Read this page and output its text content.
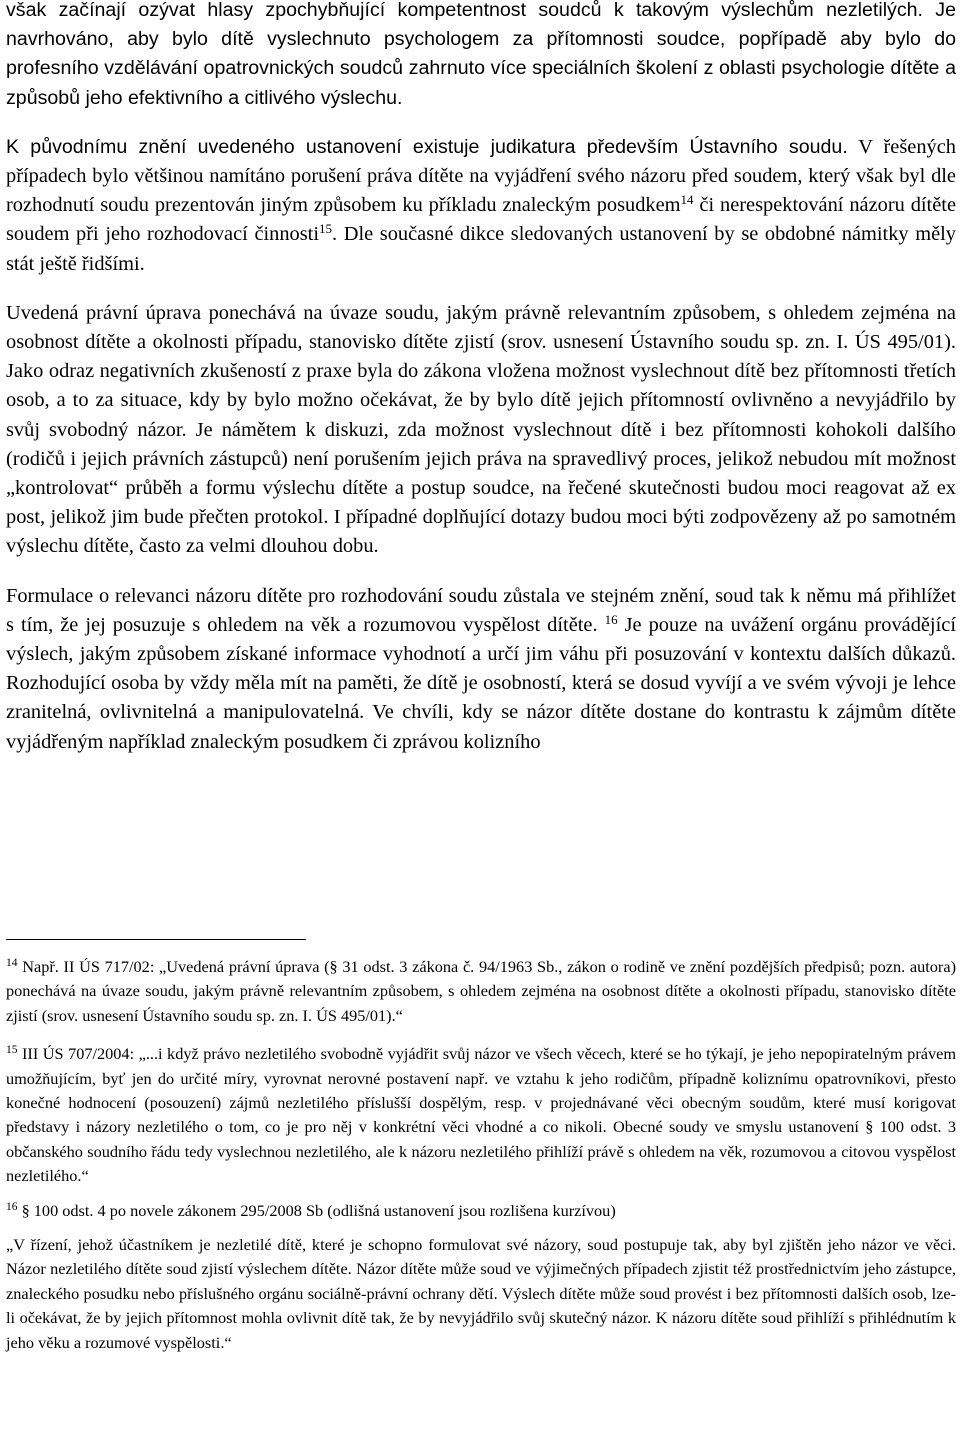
však začínají ozývat hlasy zpochybňující kompetentnost soudců k takovým výslechům nezletilých. Je navrhováno, aby bylo dítě vyslechnuto psychologem za přítomnosti soudce, popřípadě aby bylo do profesního vzdělávání opatrovnických soudců zahrnuto více speciálních školení z oblasti psychologie dítěte a způsobů jeho efektivního a citlivého výslechu.

K původnímu znění uvedeného ustanovení existuje judikatura především Ústavního soudu. V řešených případech bylo většinou namítáno porušení práva dítěte na vyjádření svého názoru před soudem, který však byl dle rozhodnutí soudu prezentován jiným způsobem ku příkladu znaleckým posudkem$^{14}$ či nerespektování názoru dítěte soudem při jeho rozhodovací činnosti$^{15}$. Dle současné dikce sledovaných ustanovení by se obdobné námitky měly stát ještě řidšími.

Uvedená právní úprava ponechává na úvaze soudu, jakým právně relevantním způsobem, s ohledem zejména na osobnost dítěte a okolnosti případu, stanovisko dítěte zjistí (srov. usnesení Ústavního soudu sp. zn. I. ÚS 495/01). Jako odraz negativních zkušeností z praxe byla do zákona vložena možnost vyslechnout dítě bez přítomnosti třetích osob, a to za situace, kdy by bylo možno očekávat, že by bylo dítě jejich přítomností ovlivněno a nevyjádřilo by svůj svobodný názor. Je námětem k diskuzi, zda možnost vyslechnout dítě i bez přítomnosti kohokoli dalšího (rodičů i jejich právních zástupců) není porušením jejich práva na spravedlivý proces, jelikož nebudou mít možnost „kontrolovat“ průběh a formu výslechu dítěte a postup soudce, na řečené skutečnosti budou moci reagovat až ex post, jelikož jim bude přečten protokol. I případné doplňující dotazy budou moci býti zodpovězeny až po samotném výslechu dítěte, často za velmi dlouhou dobu.

Formulace o relevanci názoru dítěte pro rozhodování soudu zůstala ve stejném znění, soud tak k němu má přihlížet s tím, že jej posuzuje s ohledem na věk a rozumovou vyspělost dítěte. $^{16}$ Je pouze na uvážení orgánu provádějící výslech, jakým způsobem získané informace vyhodnotí a určí jim váhu při posuzování v kontextu dalších důkazů. Rozhodující osoba by vždy měla mít na paměti, že dítě je osobností, která se dosud vyvíjí a ve svém vývoji je lehce zranitelná, ovlivnitelná a manipulovatelná. Ve chvíli, kdy se názor dítěte dostane do kontrastu k zájmům dítěte vyjádřeným například znaleckým posudkem či zprávou kolizního

$^{14}$ Např. II ÚS 717/02: „Uvedená právní úprava (§ 31 odst. 3 zákona č. 94/1963 Sb., zákon o rodině ve znění pozdějších předpisů; pozn. autora) ponechává na úvaze soudu, jakým právně relevantním způsobem, s ohledem zejména na osobnost dítěte a okolnosti případu, stanovisko dítěte zjistí (srov. usnesení Ústavního soudu sp. zn. I. ÚS 495/01).“

$^{15}$ III ÚS 707/2004: „...i když právo nezletilého svobodně vyjádřit svůj názor ve všech věcech, které se ho týkají, je jeho nepopiratelným právem umožňujícím, byť jen do určité míry, vyrovnat nerovné postavení např. ve vztahu k jeho rodičům, případně koliznímu opatrovníkovi, přesto konečné hodnocení (posouzení) zájmů nezletilého příslušší dospělým, resp. v projednávané věci obecným soudům, které musí korigovat představy i názory nezletilého o tom, co je pro něj v konkrétní věci vhodné a co nikoli. Obecné soudy ve smyslu ustanovení § 100 odst. 3 občanského soudního řádu tedy vyslechnou nezletilého, ale k názoru nezletilého přihlíží právě s ohledem na věk, rozumovou a citovou vyspělost nezletilého.“

$^{16}$ § 100 odst. 4 po novele zákonem 295/2008 Sb (odlišná ustanovení jsou rozlišena kurzívou)

„V řízení, jehož účastníkem je nezletilé dítě, které je schopno formulovat své názory, soud postupuje tak, aby byl zjištěn jeho názor ve věci. Názor nezletilého dítěte soud zjistí výslechem dítěte. Názor dítěte může soud ve výjimečných případech zjistit též prostřednictvím jeho zástupce, znaleckého posudku nebo příslušného orgánu sociálně-právní ochrany dětí. Výslech dítěte může soud provést i bez přítomnosti dalších osob, lze-li očekávat, že by jejich přítomnost mohla ovlivnit dítě tak, že by nevyjádřilo svůj skutečný názor. K názoru dítěte soud přihlíží s přihlédnutím k jeho věku a rozumové vyspělosti.“
